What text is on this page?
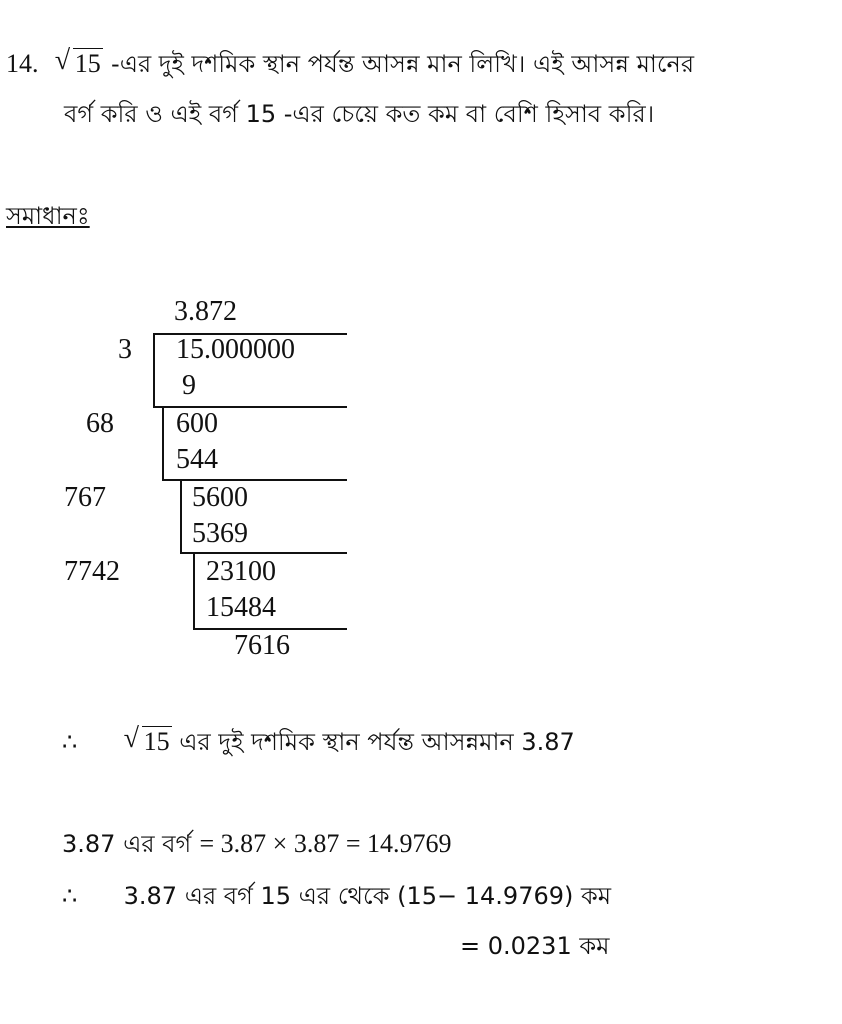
14. √ 15 -এর দুই দশমিক স্থান পর্যন্ত আসন্ন মান লিখি। এই আসন্ন মানের
বর্গ করি ও এই বর্গ 15 -এর চেয়ে কত কম বা বেশি হিসাব করি।
সমাধানঃ
3.872
3 15.000000
9
68 600
544
767	5600
5369
7742	23100
15484
7616
∴ √ 15 এর দুই দশমিক স্থান পর্যন্ত আসন্নমান 3.87
3.87 এর বর্গ = 3.87 × 3.87 = 14.9769
∴ 3.87 এর বর্গ 15 এর থেকে (15− 14.9769) কম
= 0.0231 কম
